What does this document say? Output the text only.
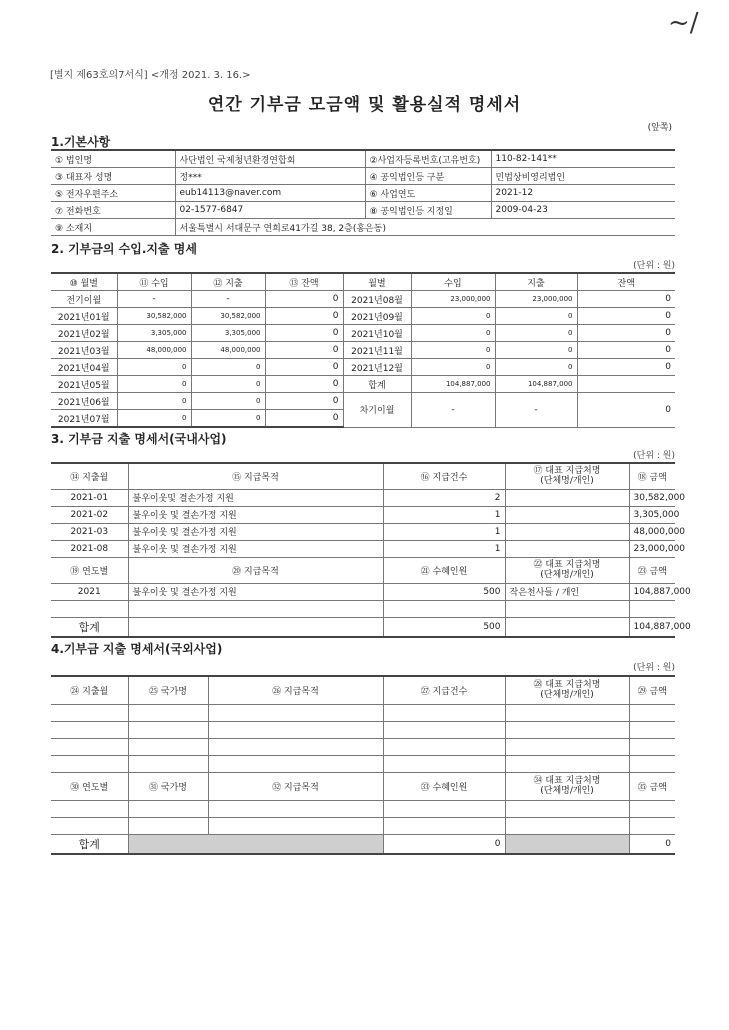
~/
[별지 제63호의7서식] <개정 2021. 3. 16.>
연간 기부금 모금액 및 활용실적 명세서
(앞쪽)
1.기본사항
① 법인명	사단법인 국제청년환경연합회	②사업자등록번호(고유번호)	110-82-141**
③ 대표자 성명	정***	④ 공익법인등 구분	민법상비영리법인
⑤ 전자우편주소	eub14113@naver.com	⑥ 사업연도	2021-12
⑦ 전화번호	02-1577-6847	⑧ 공익법인등 지정일	2009-04-23
⑨ 소재지	서울특별시 서대문구 연희로41가길 38, 2층(홍은동)		
2. 기부금의 수입.지출 명세
(단위 : 원)
⑩ 월별	⑪ 수입	⑫ 지출	⑬ 잔액	월별	수입	지출	잔액
전기이월	-	-	0	2021년08월	23,000,000	23,000,000	0
2021년01월	30,582,000	30,582,000	0	2021년09월	0	0	0
2021년02월	3,305,000	3,305,000	0	2021년10월	0	0	0
2021년03월	48,000,000	48,000,000	0	2021년11월	0	0	0
2021년04월	0	0	0	2021년12월	0	0	0
2021년05월	0	0	0	합계	104,887,000	104,887,000	
2021년06월	0	0	0	차기이월	-	-	0
2021년07월	0	0	0				
3. 기부금 지출 명세서(국내사업)
(단위 : 원)
⑭ 지출월	⑮ 지급목적	⑯ 지급건수	⑰ 대표 지급처명
(단체명/개인)	⑱ 금액
2021-01	불우이웃및 결손가정 지원	2		30,582,000
2021-02	불우이웃 및 결손가정 지원	1		3,305,000
2021-03	불우이웃 및 결손가정 지원	1		48,000,000
2021-08	불우이웃 및 결손가정 지원	1		23,000,000
⑲ 연도별	⑳ 지급목적	㉑ 수혜인원	㉒ 대표 지급처명
(단체명/개인)	㉓ 금액
2021	불우이웃 및 결손가정 지원	500	작은천사들 / 개인	104,887,000

합계		500		104,887,000
4.기부금 지출 명세서(국외사업)
(단위 : 원)
㉔ 지출월	㉕ 국가명	㉖ 지급목적	㉗ 지급건수	㉘ 대표 지급처명
(단체명/개인)	㉙ 금액

㉚ 연도별	㉛ 국가명	㉜ 지급목적	㉝ 수혜인원	㉞ 대표 지급처명
(단체명/개인)	㉟ 금액

합계			0		0
